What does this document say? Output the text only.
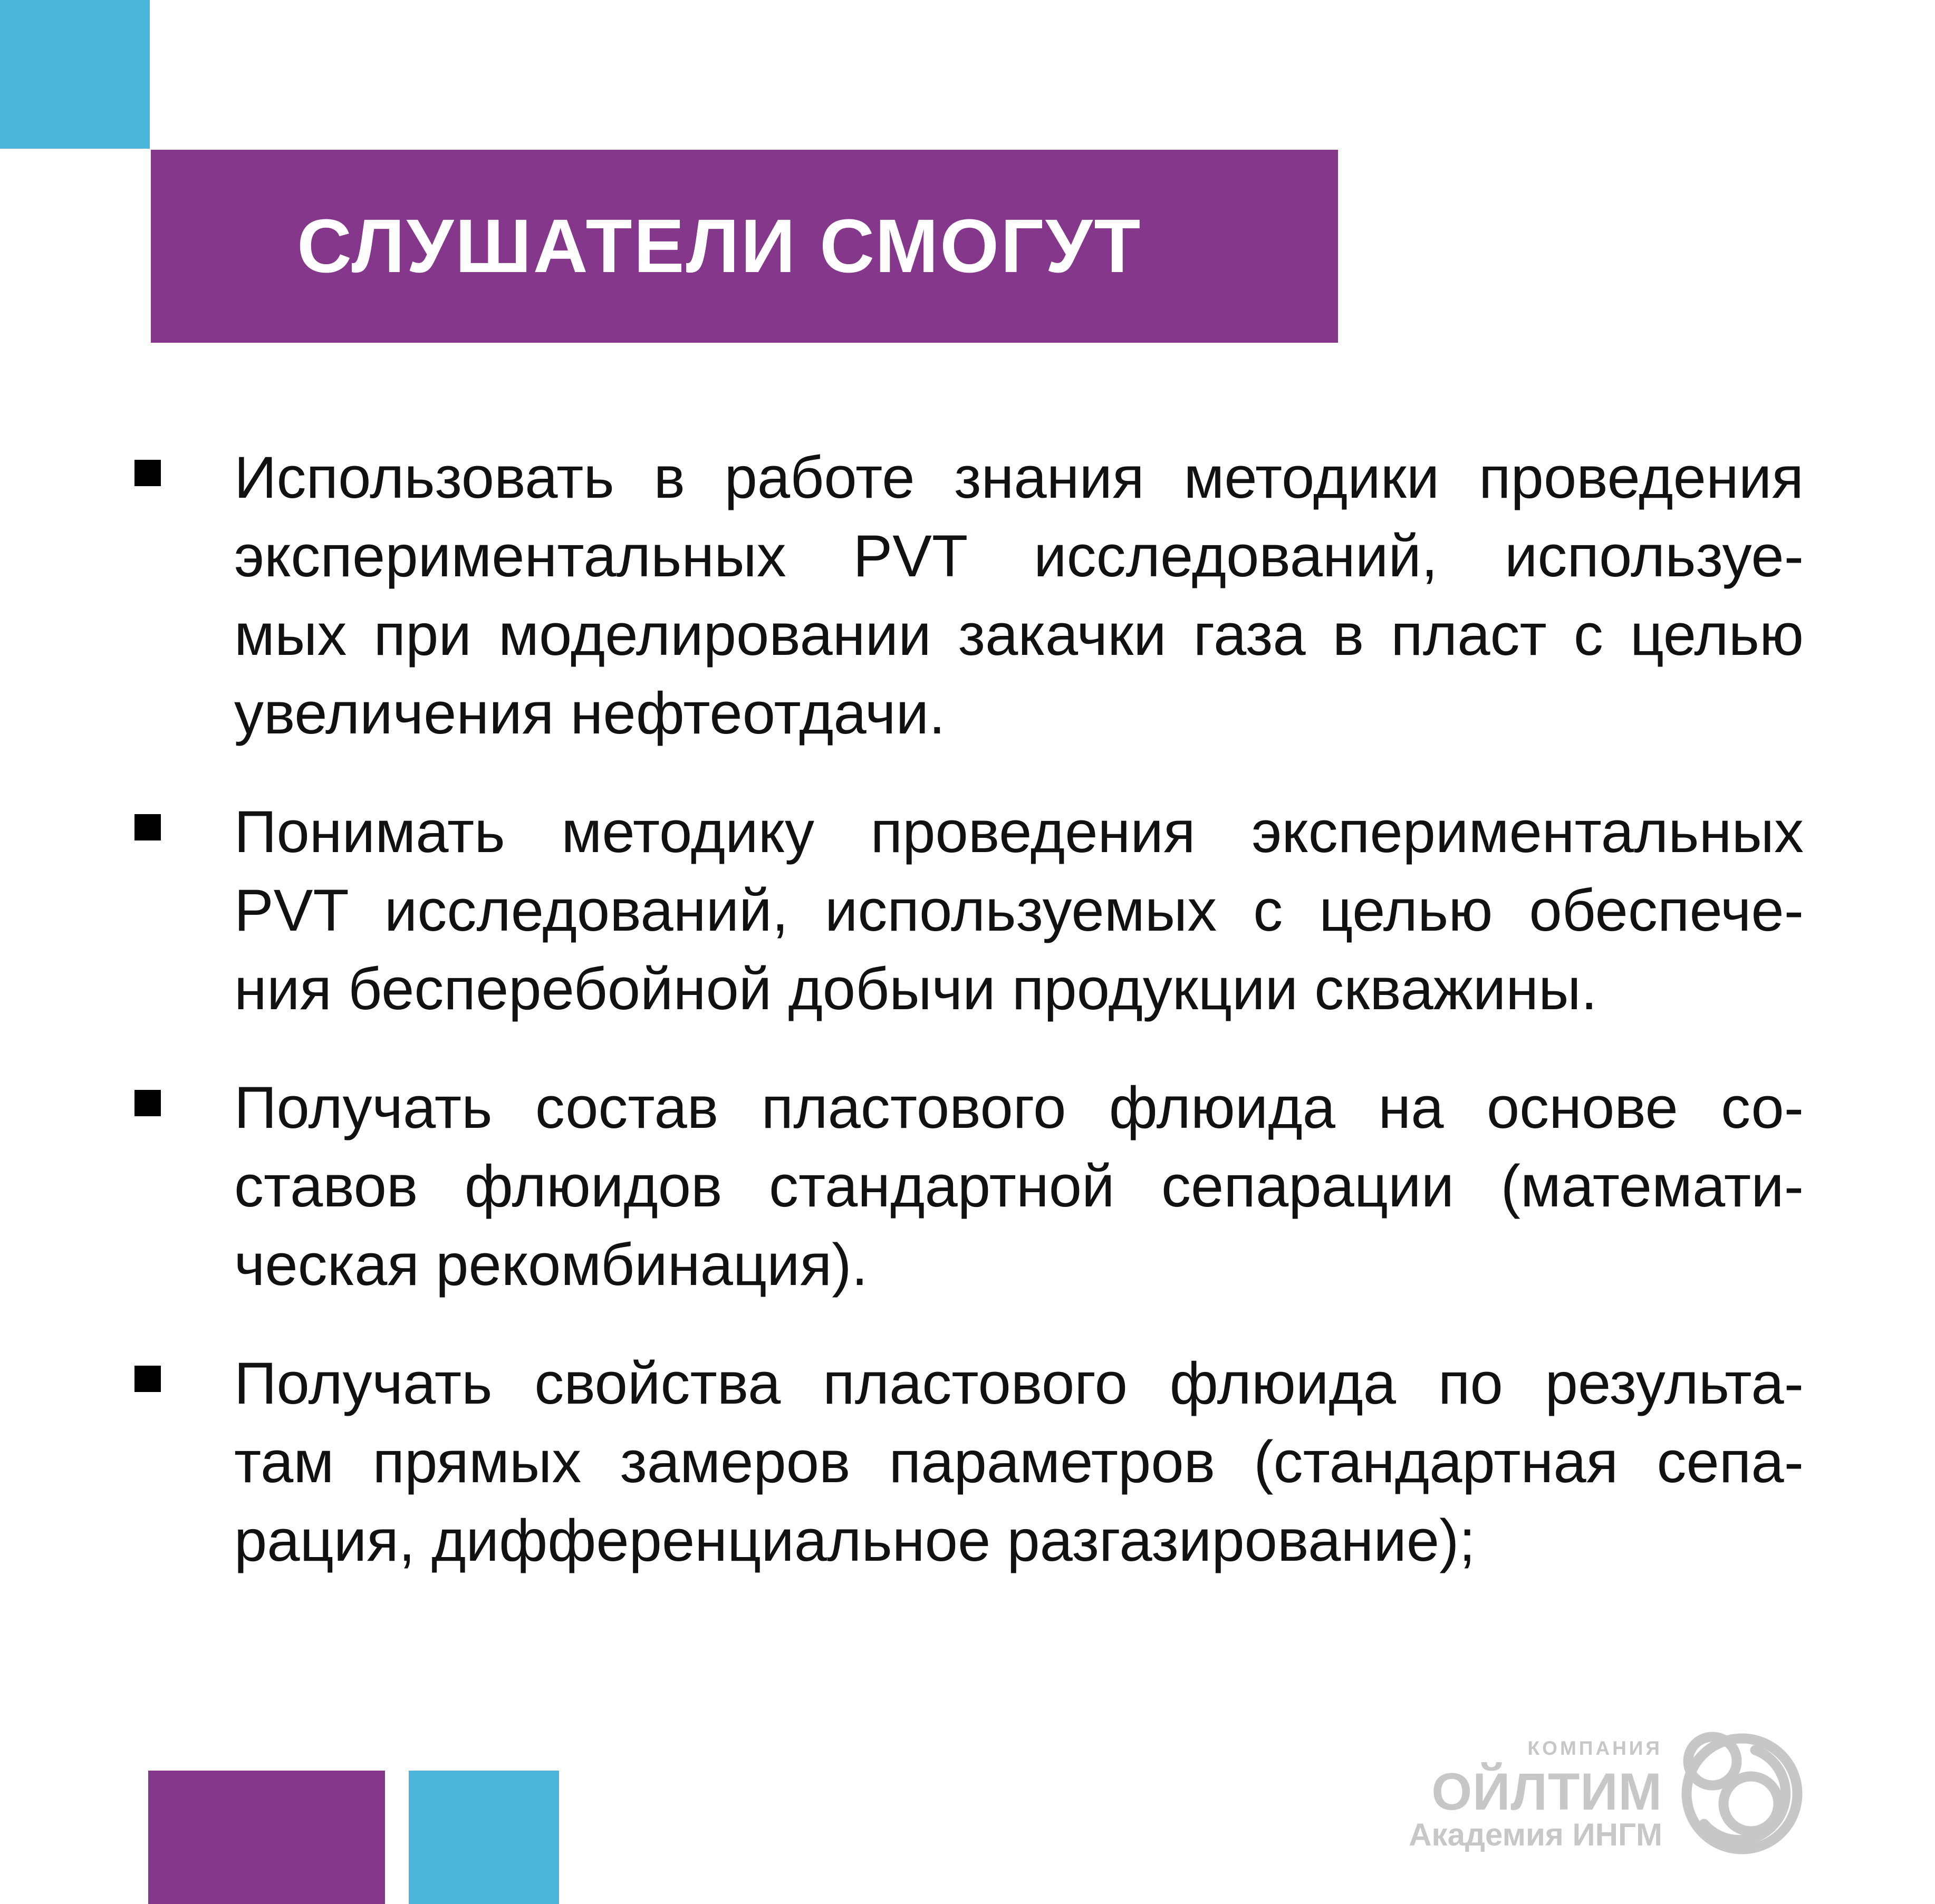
СЛУШАТЕЛИ СМОГУТ
Использовать в работе знания методики проведения
экспериментальных PVT исследований, используе-
мых при моделировании закачки газа в пласт с целью
увеличения нефтеотдачи.
Понимать методику проведения экспериментальных
PVT исследований, используемых с целью обеспече-
ния бесперебойной добычи продукции скважины.
Получать состав пластового флюида на основе со-
ставов флюидов стандартной сепарации (математи-
ческая рекомбинация).
Получать свойства пластового флюида по результа-
там прямых замеров параметров (стандартная сепа-
рация, дифференциальное разгазирование);
КОМПАНИЯ
ОЙЛТИМ
Академия ИНГМ
